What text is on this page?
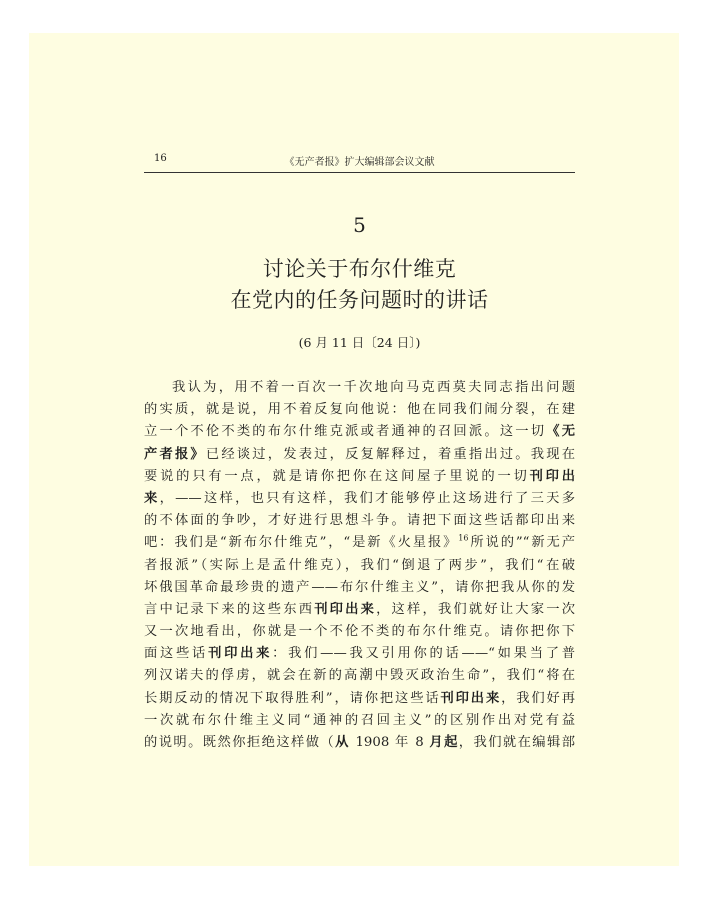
16	《无产者报》扩大编辑部会议文献
5
讨论关于布尔什维克
在党内的任务问题时的讲话
(6 月 11 日〔24 日〕)
我认为，用不着一百次一千次地向马克西莫夫同志指出问题
的实质，就是说，用不着反复向他说：他在同我们闹分裂，在建
立一个不伦不类的布尔什维克派或者通神的召回派。这一切《无
产者报》已经谈过，发表过，反复解释过，着重指出过。我现在
要说的只有一点，就是请你把你在这间屋子里说的一切刊印出
来，——这样，也只有这样，我们才能够停止这场进行了三天多
的不体面的争吵，才好进行思想斗争。请把下面这些话都印出来
吧：我们是“新布尔什维克”，“是新《火星报》$^{16}$所说的”“新无产
者报派”（实际上是孟什维克），我们“倒退了两步”，我们“在破
坏俄国革命最珍贵的遗产——布尔什维主义”，请你把我从你的发
言中记录下来的这些东西刊印出来，这样，我们就好让大家一次
又一次地看出，你就是一个不伦不类的布尔什维克。请你把你下
面这些话刊印出来：我们——我又引用你的话——“如果当了普
列汉诺夫的俘虏，就会在新的高潮中毁灭政治生命”，我们“将在
长期反动的情况下取得胜利”，请你把这些话刊印出来，我们好再
一次就布尔什维主义同“通神的召回主义”的区别作出对党有益
的说明。既然你拒绝这样做（从 1908 年 8 月起，我们就在编辑部
